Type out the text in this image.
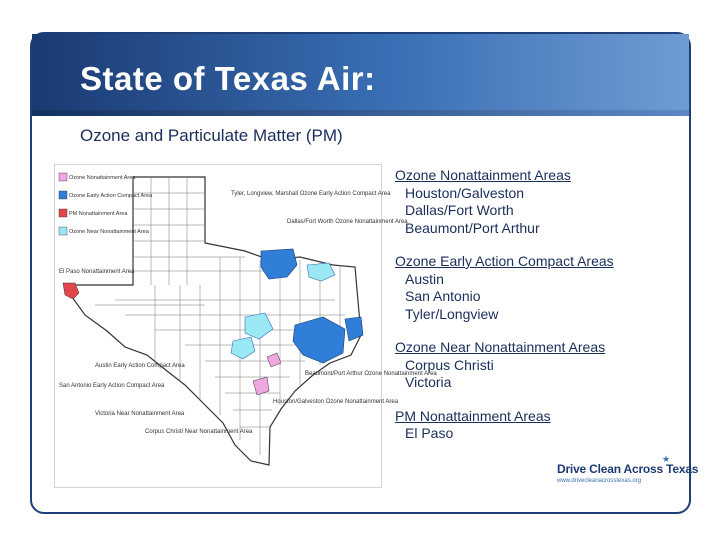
State of Texas Air:
Ozone and Particulate Matter (PM)
Ozone Nonattainment Area
Ozone Early Action Compact Area
PM Nonattainment Area
Ozone Near Nonattainment Area
El Paso Nonattainment Area
Tyler, Longview, Marshall Ozone Early Action Compact Area
Dallas/Fort Worth Ozone Nonattainment Area
Austin Early Action Compact Area
Beaumont/Port Arthur Ozone Nonattainment Area
San Antonio Early Action Compact Area
Houston/Galveston Ozone Nonattainment Area
Victoria Near Nonattainment Area
Corpus Christi Near Nonattainment Area
Ozone Nonattainment Areas
Houston/Galveston
Dallas/Fort Worth
Beaumont/Port Arthur
Ozone Early Action Compact Areas
Austin
San Antonio
Tyler/Longview
Ozone Near Nonattainment Areas
Corpus Christi
Victoria
PM Nonattainment Areas
El Paso
★
Drive Clean Across Texas
www.drivecleanacrosstexas.org
